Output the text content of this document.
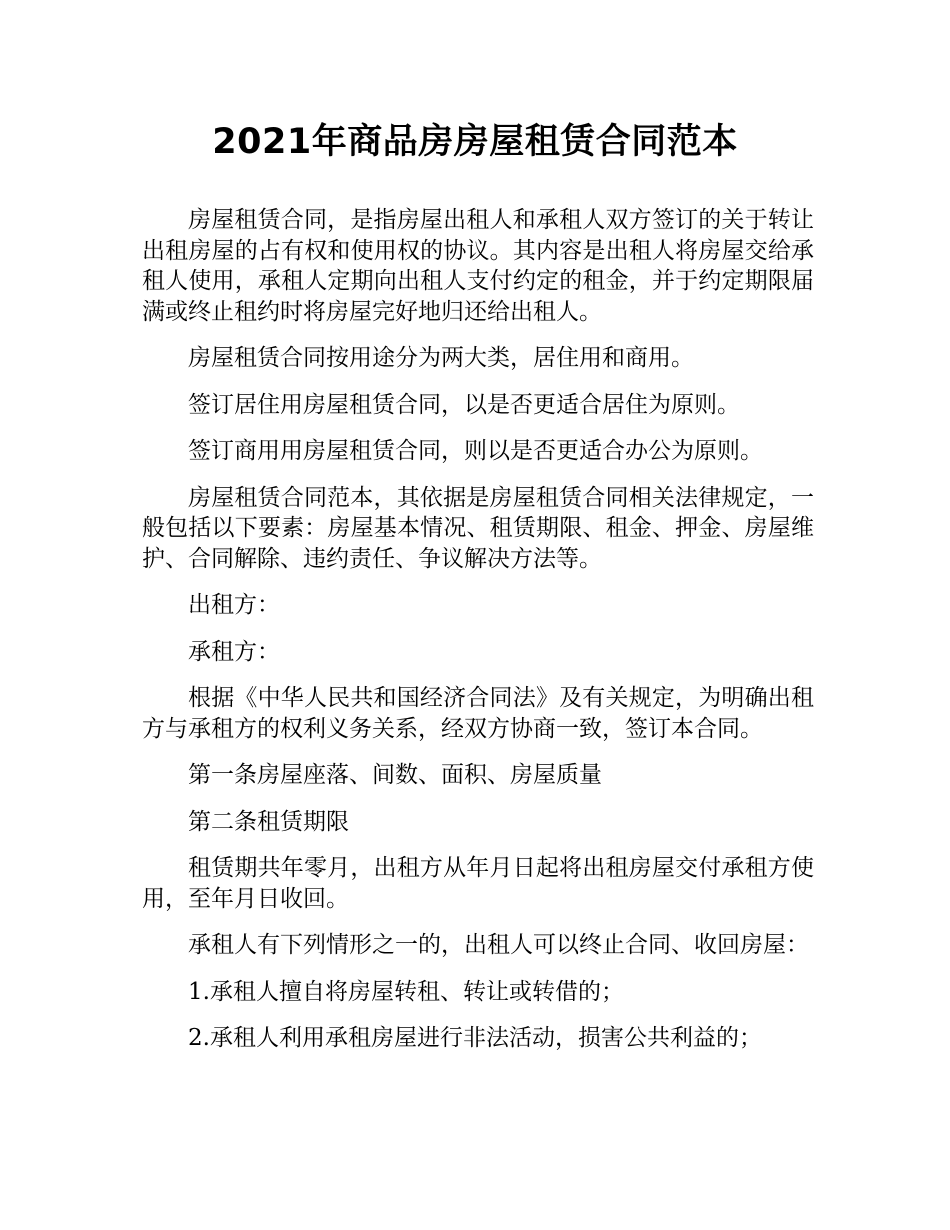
2021年商品房房屋租赁合同范本

房屋租赁合同，是指房屋出租人和承租人双方签订的关于转让出租房屋的占有权和使用权的协议。其内容是出租人将房屋交给承租人使用，承租人定期向出租人支付约定的租金，并于约定期限届满或终止租约时将房屋完好地归还给出租人。

房屋租赁合同按用途分为两大类，居住用和商用。

签订居住用房屋租赁合同，以是否更适合居住为原则。

签订商用用房屋租赁合同，则以是否更适合办公为原则。

房屋租赁合同范本，其依据是房屋租赁合同相关法律规定，一般包括以下要素：房屋基本情况、租赁期限、租金、押金、房屋维护、合同解除、违约责任、争议解决方法等。

出租方：

承租方：

根据《中华人民共和国经济合同法》及有关规定，为明确出租方与承租方的权利义务关系，经双方协商一致，签订本合同。

第一条房屋座落、间数、面积、房屋质量

第二条租赁期限

租赁期共年零月，出租方从年月日起将出租房屋交付承租方使用，至年月日收回。

承租人有下列情形之一的，出租人可以终止合同、收回房屋：

1.承租人擅自将房屋转租、转让或转借的；

2.承租人利用承租房屋进行非法活动，损害公共利益的；
